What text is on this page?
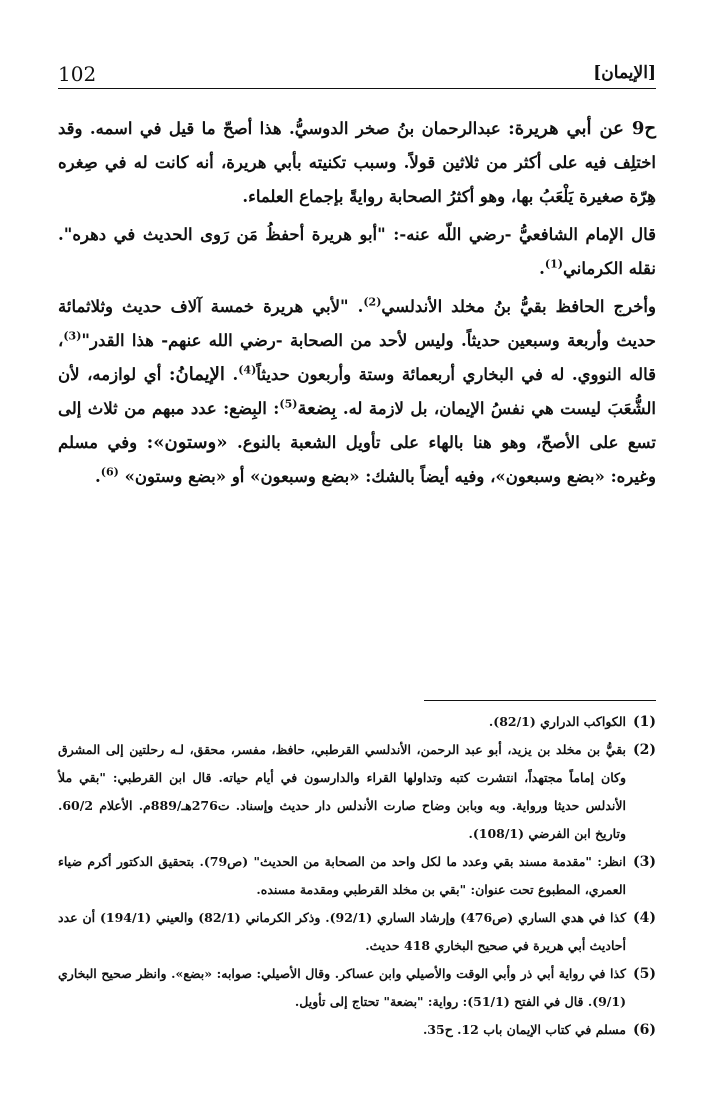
102	[الإيمان]

ح9 عن أبي هريرة: عبدالرحمان بنُ صخر الدوسيُّ. هذا أصحّ ما قيل في اسمه. وقد اختلِف فيه على أكثر من ثلاثين قولاً. وسبب تكنيته بأبي هريرة، أنه كانت له في صِغره هِرّة صغيرة يَلْعَبُ بها، وهو أكثرُ الصحابة روايةً بإجماع العلماء.

قال الإمام الشافعيُّ -رضي اللّه عنه-: "أبو هريرة أحفظُ مَن رَوى الحديث في دهره". نقله الكرماني$^{(1)}$.

وأخرج الحافظ بقيُّ بنُ مخلد الأندلسي$^{(2)}$. "لأبي هريرة خمسة آلاف حديث وثلاثمائة حديث وأربعة وسبعين حديثاً. وليس لأحد من الصحابة -رضي الله عنهم- هذا القدر"$^{(3)}$، قاله النووي. له في البخاري أربعمائة وستة وأربعون حديثاً$^{(4)}$. الإيمانُ: أي لوازمه، لأن الشُّعَبَ ليست هي نفسُ الإيمان، بل لازمة له. بِضعة$^{(5)}$: البِضع: عدد مبهم من ثلاث إلى تسع على الأصحّ، وهو هنا بالهاء على تأويل الشعبة بالنوع. «وستون»: وفي مسلم وغيره: «بضع وسبعون»، وفيه أيضاً بالشك: «بضع وسبعون» أو «بضع وستون» $^{(6)}$.

(1)
الكواكب الدراري (82/1).
(2)
بقيُّ بن مخلد بن يزيد، أبو عبد الرحمن، الأندلسي القرطبي، حافظ، مفسر، محقق، لـه رحلتين إلى المشرق وكان إماماً مجتهداً، انتشرت كتبه وتداولها القراء والدارسون في أيام حياته. قال ابن القرطبي: "بقي ملأ الأندلس حديثا ورواية. وبه وبابن وضاح صارت الأندلس دار حديث وإسناد. ت276هـ/889م. الأعلام 60/2. وتاريخ ابن الفرضي (108/1).
(3)
انظر: "مقدمة مسند بقي وعدد ما لكل واحد من الصحابة من الحديث" (ص79). بتحقيق الدكتور أكرم ضياء العمري، المطبوع تحت عنوان: "بقي بن مخلد القرطبي ومقدمة مسنده.
(4)
كذا في هدي الساري (ص476) وإرشاد الساري (92/1). وذكر الكرماني (82/1) والعيني (194/1) أن عدد أحاديث أبي هريرة في صحيح البخاري 418 حديث.
(5)
كذا في رواية أبي ذر وأبي الوقت والأصيلي وابن عساكر. وقال الأصيلي: صوابه: «بضع». وانظر صحيح البخاري (9/1). قال في الفتح (51/1): رواية: "بضعة" تحتاج إلى تأويل.
(6)
مسلم في كتاب الإيمان باب 12. ح35.
